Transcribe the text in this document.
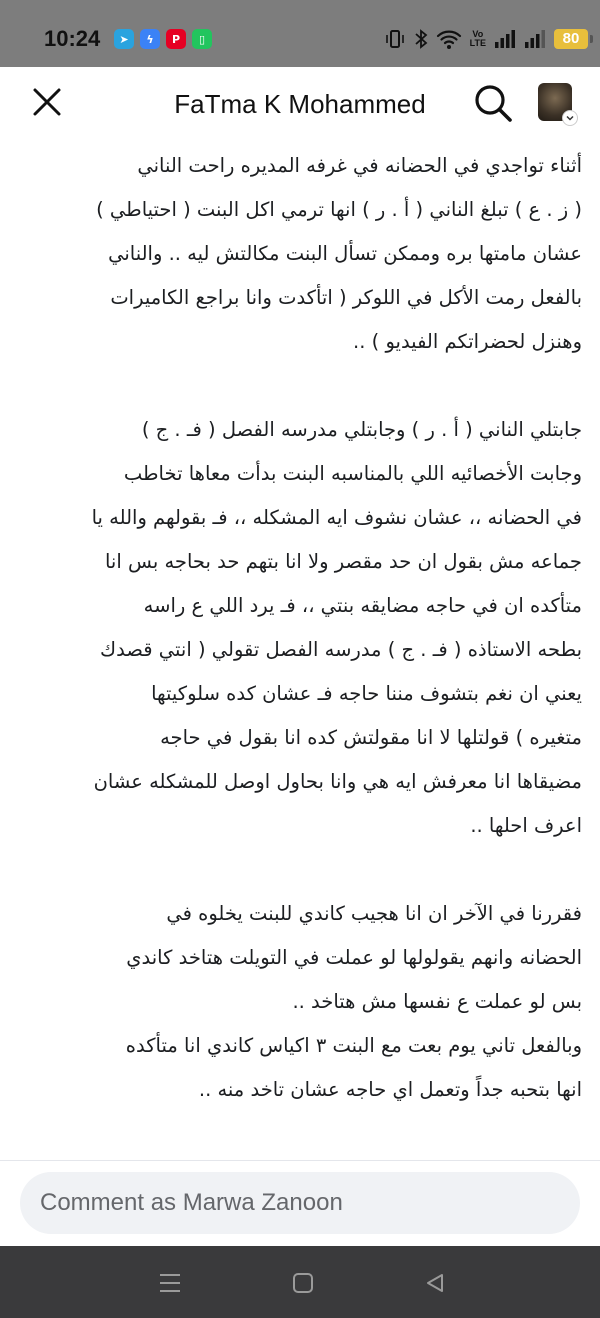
10:24	➤	ϟ	P	▯	Vo
LTE	80
FaTma K Mohammed
أثناء تواجدي في الحضانه في غرفه المديره راحت الناني
( ز . ع ) تبلغ الناني ( أ . ر ) انها ترمي اكل البنت ( احتياطي )
عشان مامتها بره وممكن تسأل البنت مكالتش ليه .. والناني
بالفعل رمت الأكل في اللوكر ( اتأكدت وانا براجع الكاميرات
وهنزل لحضراتكم الفيديو ) ..
جابتلي الناني ( أ . ر ) وجابتلي مدرسه الفصل ( فـ . ج )
وجابت الأخصائيه اللي بالمناسبه البنت بدأت معاها تخاطب
في الحضانه ،، عشان نشوف ايه المشكله ،، فـ بقولهم والله يا
جماعه مش بقول ان حد مقصر ولا انا بتهم حد بحاجه بس انا
متأكده ان في حاجه مضايقه بنتي ،، فـ يرد اللي ع راسه
بطحه الاستاذه ( فـ . ج ) مدرسه الفصل تقولي ( انتي قصدك
يعني ان نغم بتشوف مننا حاجه فـ عشان كده سلوكيتها
متغيره ) قولتلها لا انا مقولتش كده انا بقول في حاجه
مضيقاها انا معرفش ايه هي وانا بحاول اوصل للمشكله عشان
اعرف احلها ..
فقررنا في الآخر ان انا هجيب كاندي للبنت يخلوه في
الحضانه وانهم يقولولها لو عملت في التويلت هتاخد كاندي
بس لو عملت ع نفسها مش هتاخد ..
وبالفعل تاني يوم بعت مع البنت ٣ اكياس كاندي انا متأكده
انها بتحبه جداً وتعمل اي حاجه عشان تاخد منه ..
Comment as Marwa Zanoon
